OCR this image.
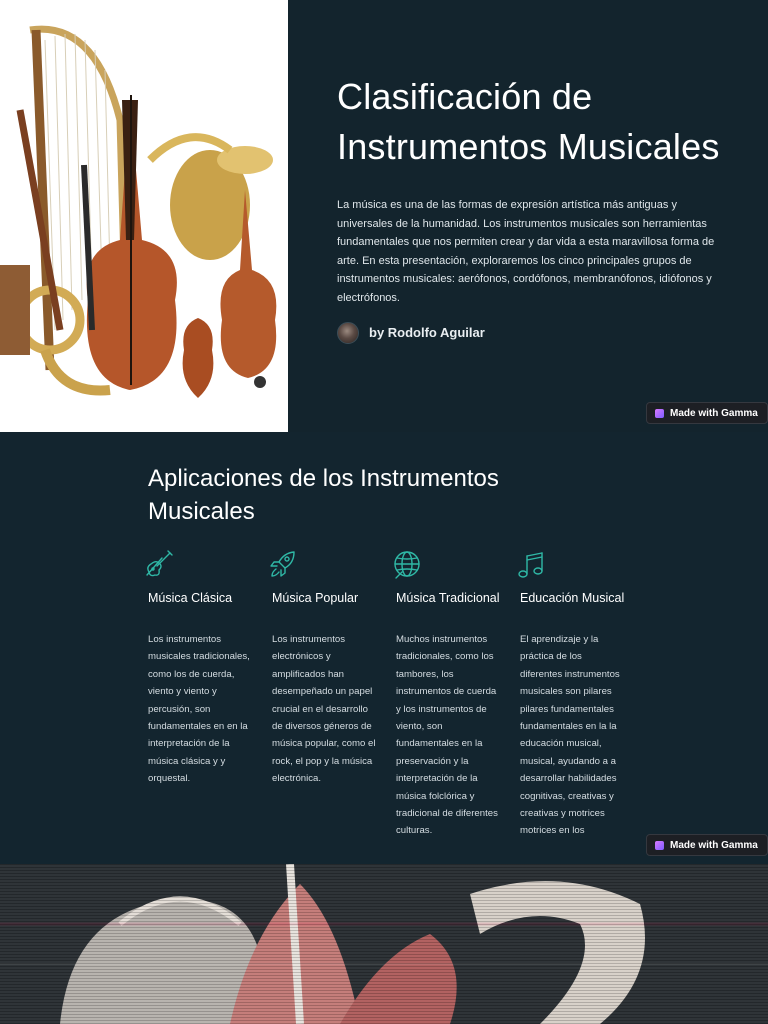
Clasificación de Instrumentos Musicales

La música es una de las formas de expresión artística más antiguas y universales de la humanidad. Los instrumentos musicales son herramientas fundamentales que nos permiten crear y dar vida a esta maravillosa forma de arte. En esta presentación, exploraremos los cinco principales grupos de instrumentos musicales: aerófonos, cordófonos, membranófonos, idiófonos y electrófonos.

by Rodolfo Aguilar
Made with Gamma
Aplicaciones de los Instrumentos Musicales
Música Clásica
Los instrumentos musicales tradicionales, como los de cuerda, viento y viento y percusión, son fundamentales en en la interpretación de la música clásica y y orquestal.
Música Popular
Los instrumentos electrónicos y amplificados han desempeñado un papel crucial en el desarrollo de diversos géneros de música popular, como el rock, el pop y la música electrónica.
Música Tradicional
Muchos instrumentos tradicionales, como los tambores, los instrumentos de cuerda y los instrumentos de viento, son fundamentales en la preservación y la interpretación de la música folclórica y tradicional de diferentes culturas.
Educación Musical
El aprendizaje y la práctica de los diferentes instrumentos musicales son pilares pilares fundamentales fundamentales en la la educación musical, musical, ayudando a a desarrollar habilidades cognitivas, creativas y creativas y motrices motrices en los
Made with Gamma
